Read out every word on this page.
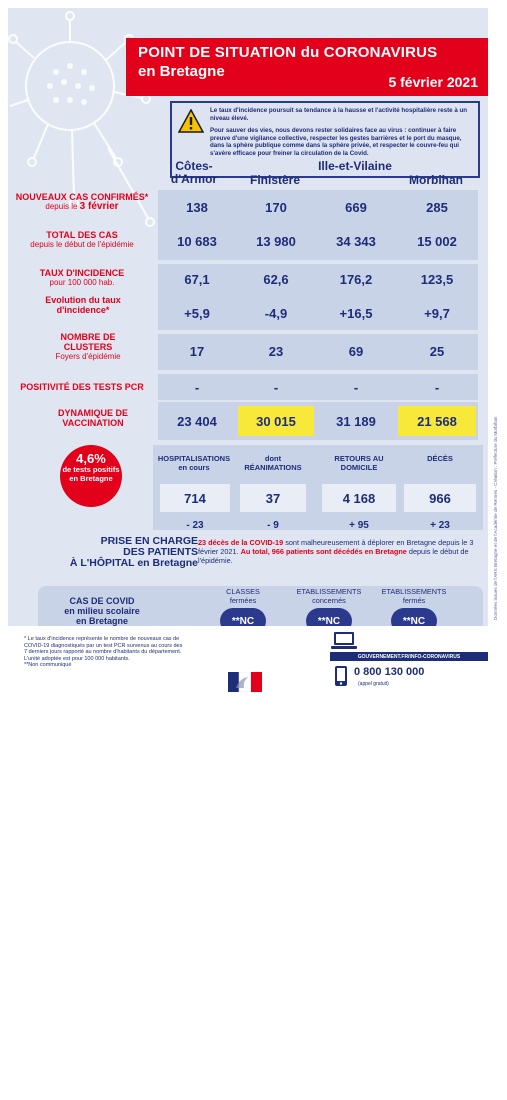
POINT DE SITUATION du CORONAVIRUS
en Bretagne
5 février 2021

Le taux d'incidence poursuit sa tendance à la hausse et l'activité hospitalière reste à un niveau élevé.

Pour sauver des vies, nous devons rester solidaires face au virus : continuer à faire preuve d'une vigilance collective, respecter les gestes barrières et le port du masque, dans la sphère publique comme dans la sphère privée, et respecter le couvre-feu qui s'avère efficace pour freiner la circulation de la Covid.

Côtes-d'Armor	Finistère
Ille-et-Vilaine
Morbihan
NOUVEAUX CAS CONFIRMÉS*
depuis le 3 février	138	170	669	285
TOTAL DES CAS
depuis le début de l'épidémie	10 683	13 980	34 343	15 002
TAUX D'INCIDENCE
pour 100 000 hab.	67,1	62,6	176,2	123,5
Evolution du taux d'incidence*	+5,9	-4,9	+16,5	+9,7
NOMBRE DE CLUSTERS
Foyers d'épidémie	17	23	69	25
POSITIVITÉ DES TESTS PCR	-	-	-	-
DYNAMIQUE DE VACCINATION	23 404	30 015	31 189	21 568
4,6%
de tests positifs en Bretagne
HOSPITALISATIONS
en cours
dont
RÉANIMATIONS
RETOURS AU
DOMICILE
DÉCÈS
714	37	4 168	966
- 23	- 9	+ 95	+ 23
PRISE EN CHARGE
DES PATIENTS
À L'HÔPITAL en Bretagne
23 décès de la COVID-19 sont malheureusement à déplorer en Bretagne depuis le 3 février 2021. Au total, 966 patients sont décédés en Bretagne depuis le début de l'épidémie.
CAS DE COVID
en milieu scolaire
en Bretagne
CLASSES
fermées
ETABLISSEMENTS
concernés
ETABLISSEMENTS
fermés
**NC	**NC	**NC
* Le taux d'incidence représente le nombre de nouveaux cas de COVID-19 diagnostiqués par un test PCR survenus au cours des 7 derniers jours rapporté au nombre d'habitants du département. L'unité adoptée est pour 100 000 habitants.
**Non communiqué
GOUVERNEMENT.FR/INFO-CORONAVIRUS
0 800 130 000
(appel gratuit)
Données issues de l'ARS Bretagne et de l'Académie de Rennes - Création : Préfecture du Morbihan
